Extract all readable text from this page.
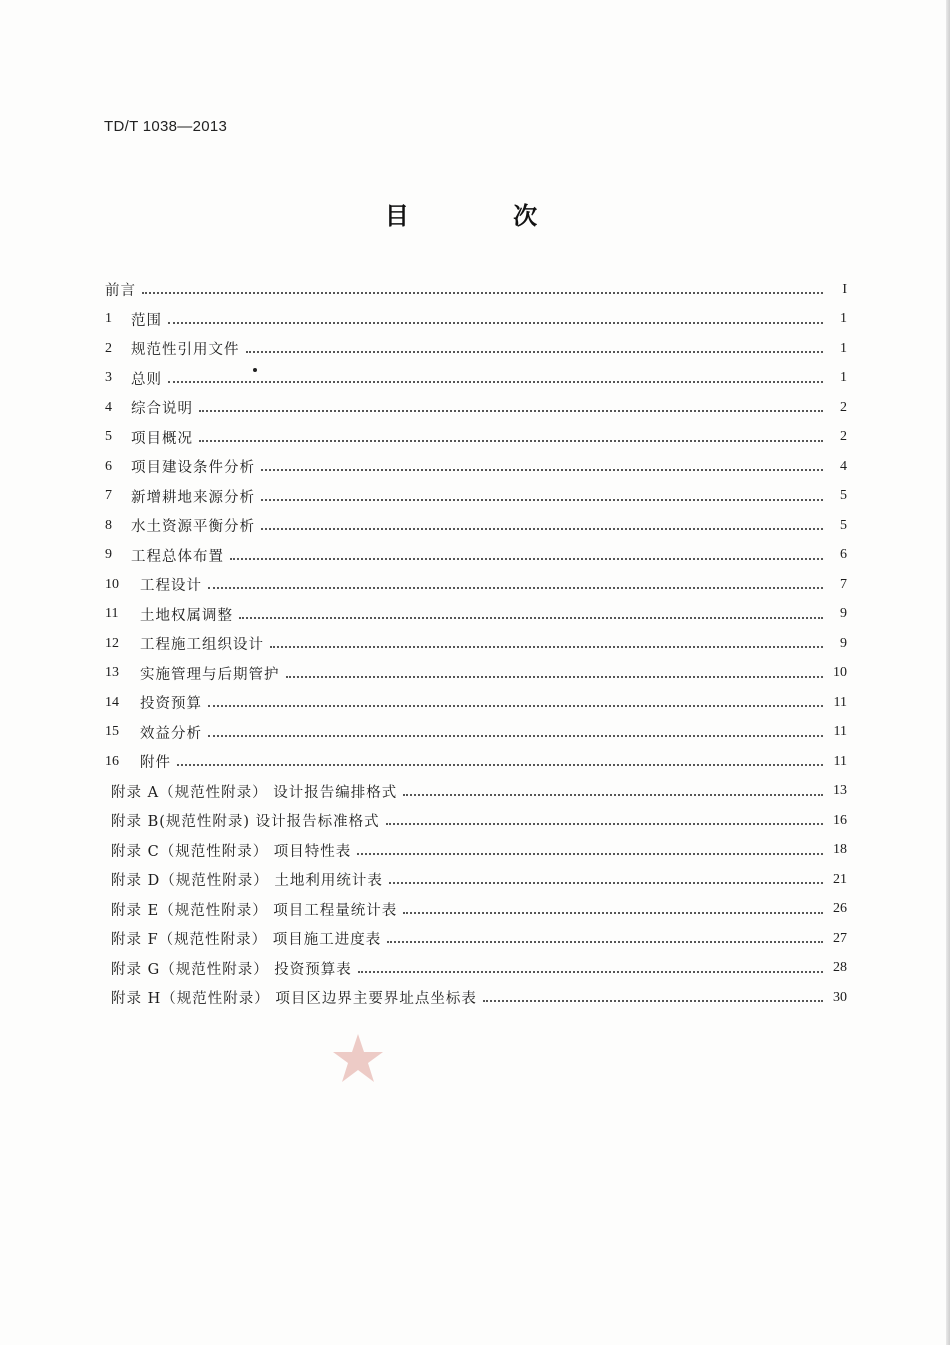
TD/T 1038—2013
目 次
前言	I
1	范围	1
2	规范性引用文件	1
3	总则	1
4	综合说明	2
5	项目概况	2
6	项目建设条件分析	4
7	新增耕地来源分析	5
8	水土资源平衡分析	5
9	工程总体布置	6
10	工程设计	7
11	土地权属调整	9
12	工程施工组织设计	9
13	实施管理与后期管护	10
14	投资预算	11
15	效益分析	11
16	附件	11
附录 A（规范性附录） 设计报告编排格式	13
附录 B(规范性附录) 设计报告标准格式	16
附录 C（规范性附录） 项目特性表	18
附录 D（规范性附录） 土地利用统计表	21
附录 E（规范性附录） 项目工程量统计表	26
附录 F（规范性附录） 项目施工进度表	27
附录 G（规范性附录） 投资预算表	28
附录 H（规范性附录） 项目区边界主要界址点坐标表	30
